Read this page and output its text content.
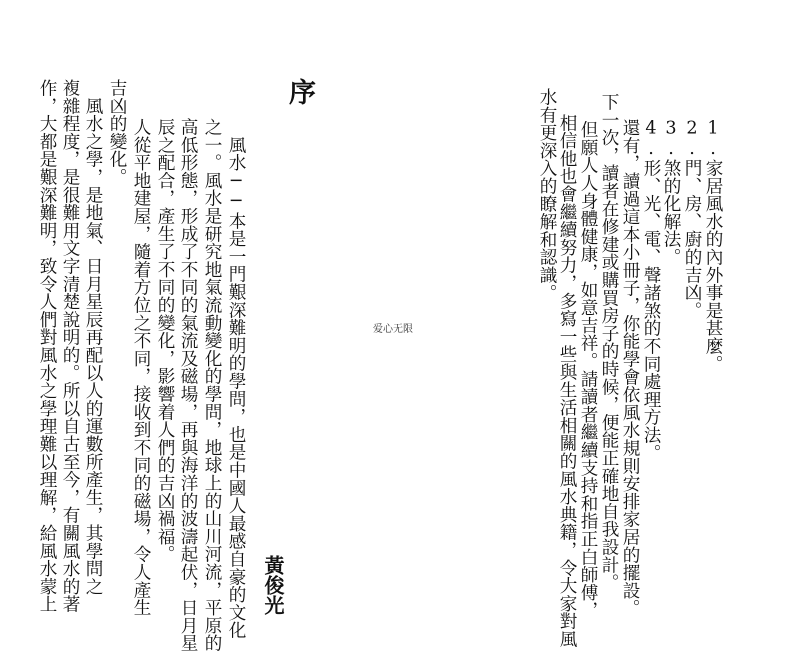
序
黃俊光
　風水──本是一門艱深難明的學問，也是中國人最感自豪的文化
之一。風水是研究地氣流動變化的學問，地球上的山川河流，平原的
高低形態，形成了不同的氣流及磁場，再與海洋的波濤起伏，日月星
辰之配合，產生了不同的變化，影響着人們的吉凶禍福。
人從平地建屋，隨着方位之不同，接收到不同的磁場，令人產生
吉凶的變化。
　風水之學，是地氣、日月星辰再配以人的運數所產生，其學問之
複雜程度，是很難用文字清楚說明的。所以自古至今，有關風水的著
作，大都是艱深難明，致令人們對風水之學理難以理解，給風水蒙上	爱心无限
水有更深入的瞭解和認識。 　相信他也會繼續努力，多寫一些與生活相關的風水典籍，令大家對風 　　但願人人身體健康，如意吉祥。請讀者繼續支持和指正白師傅， 下一次，讀者在修建或購買房子的時候，便能正確地自我設計。 　　還有，讀過這本小冊子，你能學會依風水規則安排家居的擺設。 　　4.形、光、電、聲諸煞的不同處理方法。 　　3.煞的化解法。 　　2.門、房、廚的吉凶。 　　1.家居風水的內外事是甚麼。
